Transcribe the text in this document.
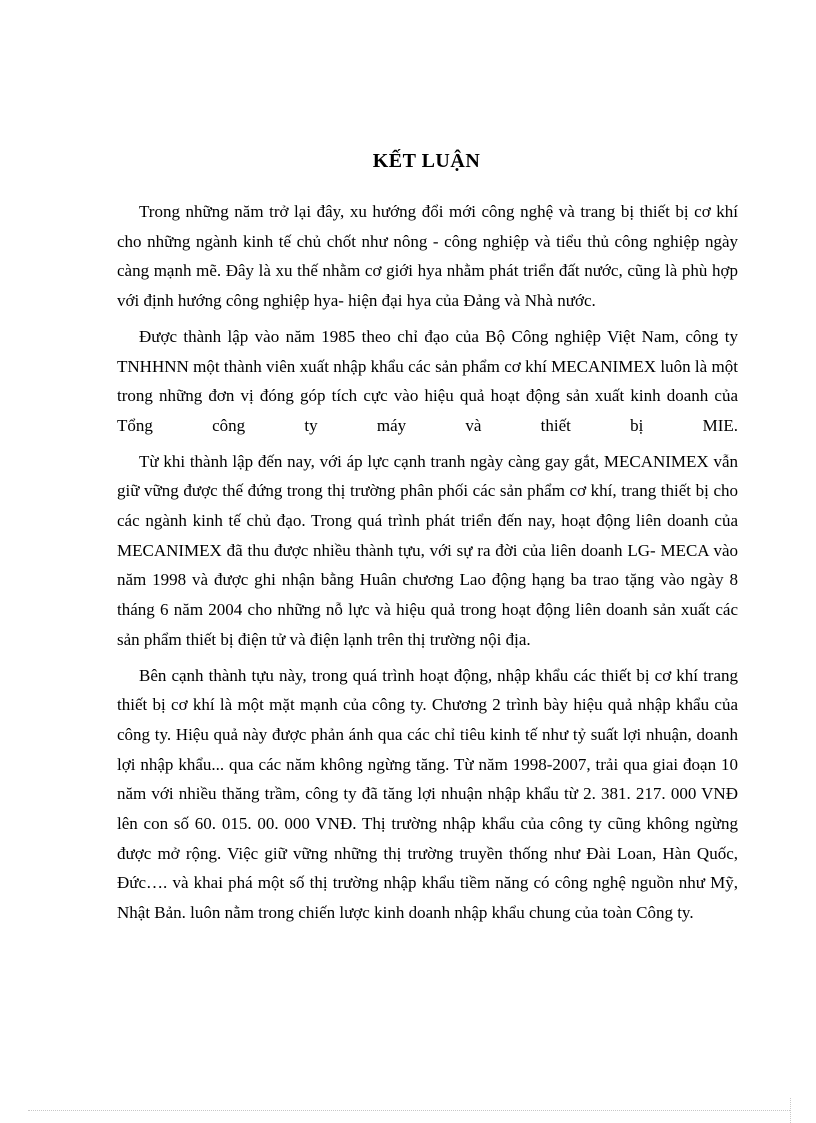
KẾT LUẬN

Trong những năm trở lại đây, xu hướng đổi mới công nghệ và trang bị thiết bị cơ khí cho những ngành kinh tế chủ chốt như nông - công nghiệp và tiểu thủ công nghiệp ngày càng mạnh mẽ. Đây là xu thế nhằm cơ giới hya nhằm phát triển đất nước, cũng là phù hợp với định hướng công nghiệp hya- hiện đại hya của Đảng và Nhà nước.

Được thành lập vào năm 1985 theo chỉ đạo của Bộ Công nghiệp Việt Nam, công ty TNHHNN một thành viên xuất nhập khẩu các sản phẩm cơ khí MECANIMEX luôn là một trong những đơn vị đóng góp tích cực vào hiệu quả hoạt động sản xuất kinh doanh của Tổng công ty máy và thiết bị MIE.

Từ khi thành lập đến nay, với áp lực cạnh tranh ngày càng gay gắt, MECANIMEX vẫn giữ vững được thế đứng trong thị trường phân phối các sản phẩm cơ khí, trang thiết bị cho các ngành kinh tế chủ đạo. Trong quá trình phát triển đến nay, hoạt động liên doanh của MECANIMEX đã thu được nhiều thành tựu, với sự ra đời của liên doanh LG- MECA vào năm 1998 và được ghi nhận bằng Huân chương Lao động hạng ba trao tặng vào ngày 8 tháng 6 năm 2004 cho những nỗ lực và hiệu quả trong hoạt động liên doanh sản xuất các sản phẩm thiết bị điện tử và điện lạnh trên thị trường nội địa.

Bên cạnh thành tựu này, trong quá trình hoạt động, nhập khẩu các thiết bị cơ khí trang thiết bị cơ khí là một mặt mạnh của công ty. Chương 2 trình bày hiệu quả nhập khẩu của công ty. Hiệu quả này được phản ánh qua các chỉ tiêu kinh tế như tỷ suất lợi nhuận, doanh lợi nhập khẩu... qua các năm không ngừng tăng. Từ năm 1998-2007, trải qua giai đoạn 10 năm với nhiều thăng trầm, công ty đã tăng lợi nhuận nhập khẩu từ 2. 381. 217. 000 VNĐ lên con số 60. 015. 00. 000 VNĐ. Thị trường nhập khẩu của công ty cũng không ngừng được mở rộng. Việc giữ vững những thị trường truyền thống như Đài Loan, Hàn Quốc, Đức…. và khai phá một số thị trường nhập khẩu tiềm năng có công nghệ nguồn như Mỹ, Nhật Bản. luôn nằm trong chiến lược kinh doanh nhập khẩu chung của toàn Công ty.
